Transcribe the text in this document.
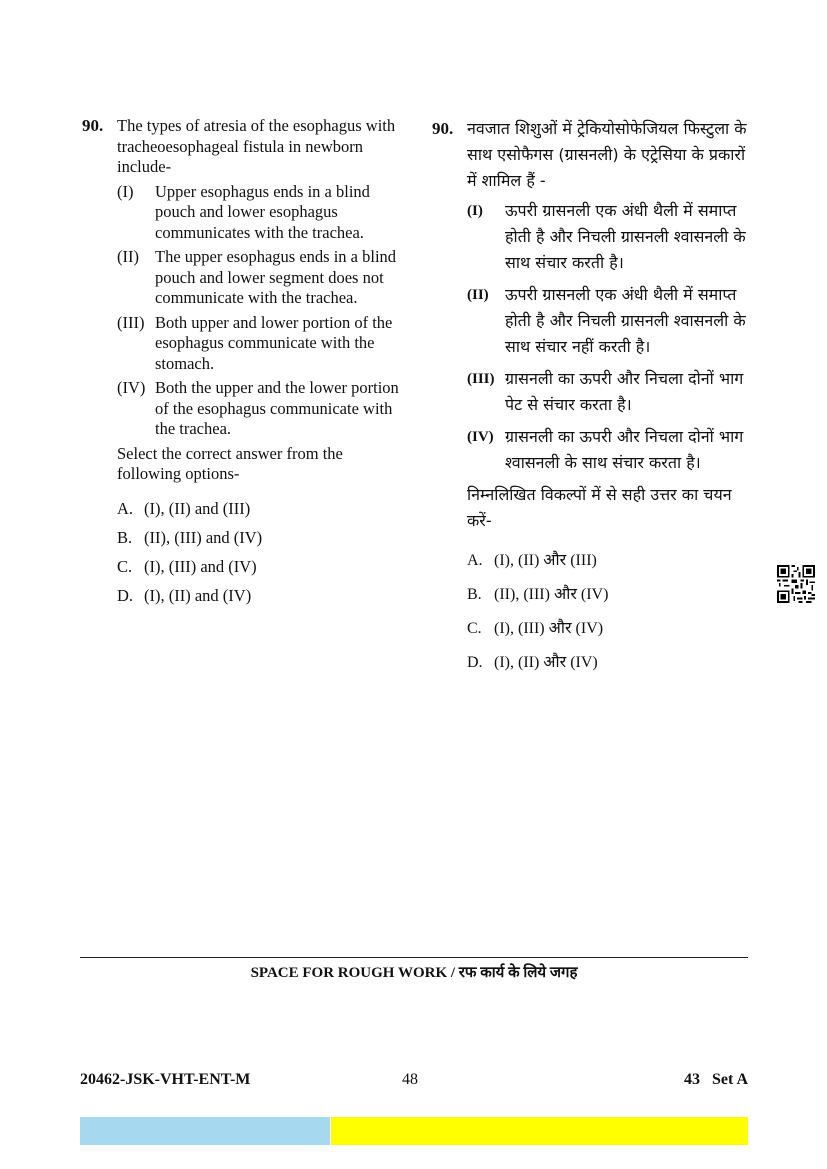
90. The types of atresia of the esophagus with tracheoesophageal fistula in newborn include-
(I)	Upper esophagus ends in a blind pouch and lower esophagus communicates with the trachea.
(II) The upper esophagus ends in a blind pouch and lower segment does not communicate with the trachea.
(III) Both upper and lower portion of the esophagus communicate with the stomach.
(IV) Both the upper and the lower portion of the esophagus communicate with the trachea.
Select the correct answer from the following options-
A. (I), (II) and (III)
B. (II), (III) and (IV)
C. (I), (III) and (IV)
D. (I), (II) and (IV)
90. नवजात शिशुओं में ट्रेकियोसोफेजियल फिस्टुला के साथ एसोफैगस (ग्रासनली) के एट्रेसिया के प्रकारों में शामिल हैं -
(I)	ऊपरी ग्रासनली एक अंधी थैली में समाप्त होती है और निचली ग्रासनली श्वासनली के साथ संचार करती है।
(II)	ऊपरी ग्रासनली एक अंधी थैली में समाप्त होती है और निचली ग्रासनली श्वासनली के साथ संचार नहीं करती है।
(III) ग्रासनली का ऊपरी और निचला दोनों भाग पेट से संचार करता है।
(IV) ग्रासनली का ऊपरी और निचला दोनों भाग श्वासनली के साथ संचार करता है।
निम्नलिखित विकल्पों में से सही उत्तर का चयन करें-
A. (I), (II) और (III)
B. (II), (III) और (IV)
C. (I), (III) और (IV)
D. (I), (II) और (IV)
SPACE FOR ROUGH WORK / रफ कार्य के लिये जगह
20462-JSK-VHT-ENT-M	48	43   Set A
